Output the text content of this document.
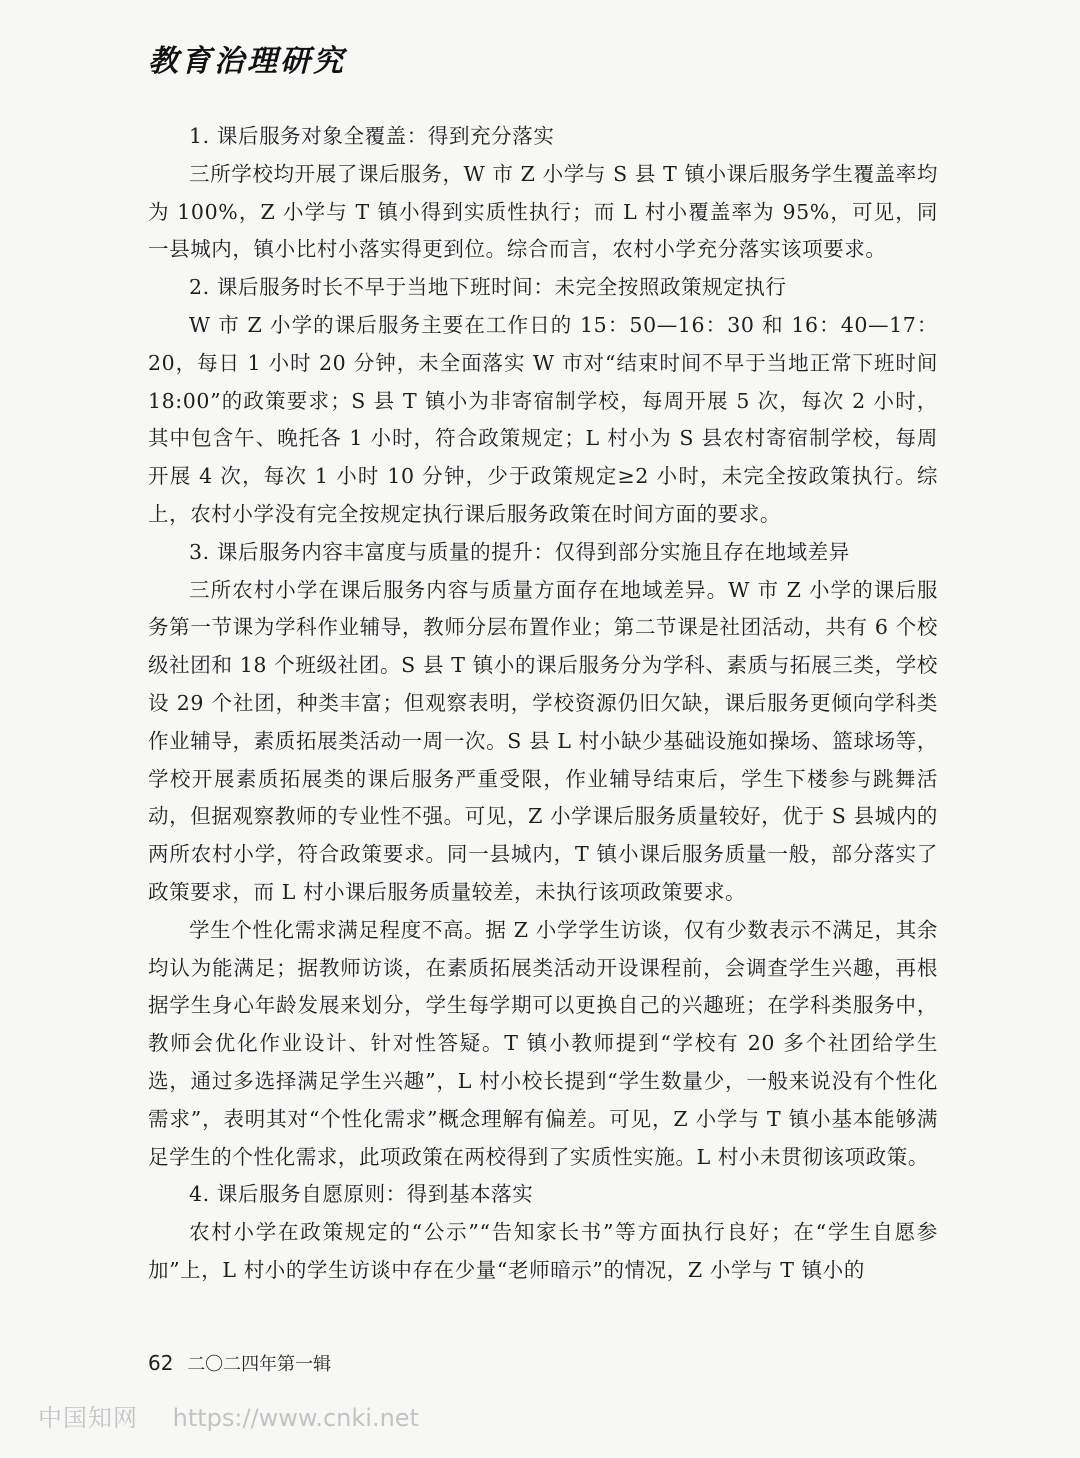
教育治理研究

1. 课后服务对象全覆盖：得到充分落实

三所学校均开展了课后服务，W 市 Z 小学与 S 县 T 镇小课后服务学生覆盖率均为 100%，Z 小学与 T 镇小得到实质性执行；而 L 村小覆盖率为 95%，可见，同一县城内，镇小比村小落实得更到位。综合而言，农村小学充分落实该项要求。

2. 课后服务时长不早于当地下班时间：未完全按照政策规定执行

W 市 Z 小学的课后服务主要在工作日的 15：50—16：30 和 16：40—17：20，每日 1 小时 20 分钟，未全面落实 W 市对“结束时间不早于当地正常下班时间 18:00”的政策要求；S 县 T 镇小为非寄宿制学校，每周开展 5 次，每次 2 小时，其中包含午、晚托各 1 小时，符合政策规定；L 村小为 S 县农村寄宿制学校，每周开展 4 次，每次 1 小时 10 分钟，少于政策规定≥2 小时，未完全按政策执行。综上，农村小学没有完全按规定执行课后服务政策在时间方面的要求。

3. 课后服务内容丰富度与质量的提升：仅得到部分实施且存在地域差异

三所农村小学在课后服务内容与质量方面存在地域差异。W 市 Z 小学的课后服务第一节课为学科作业辅导，教师分层布置作业；第二节课是社团活动，共有 6 个校级社团和 18 个班级社团。S 县 T 镇小的课后服务分为学科、素质与拓展三类，学校设 29 个社团，种类丰富；但观察表明，学校资源仍旧欠缺，课后服务更倾向学科类作业辅导，素质拓展类活动一周一次。S 县 L 村小缺少基础设施如操场、篮球场等，学校开展素质拓展类的课后服务严重受限，作业辅导结束后，学生下楼参与跳舞活动，但据观察教师的专业性不强。可见，Z 小学课后服务质量较好，优于 S 县城内的两所农村小学，符合政策要求。同一县城内，T 镇小课后服务质量一般，部分落实了政策要求，而 L 村小课后服务质量较差，未执行该项政策要求。

学生个性化需求满足程度不高。据 Z 小学学生访谈，仅有少数表示不满足，其余均认为能满足；据教师访谈，在素质拓展类活动开设课程前，会调查学生兴趣，再根据学生身心年龄发展来划分，学生每学期可以更换自己的兴趣班；在学科类服务中，教师会优化作业设计、针对性答疑。T 镇小教师提到“学校有 20 多个社团给学生选，通过多选择满足学生兴趣”，L 村小校长提到“学生数量少，一般来说没有个性化需求”，表明其对“个性化需求”概念理解有偏差。可见，Z 小学与 T 镇小基本能够满足学生的个性化需求，此项政策在两校得到了实质性实施。L 村小未贯彻该项政策。

4. 课后服务自愿原则：得到基本落实

农村小学在政策规定的“公示”“告知家长书”等方面执行良好；在“学生自愿参加”上，L 村小的学生访谈中存在少量“老师暗示”的情况，Z 小学与 T 镇小的

62 二〇二四年第一辑
中国知网 https://www.cnki.net
